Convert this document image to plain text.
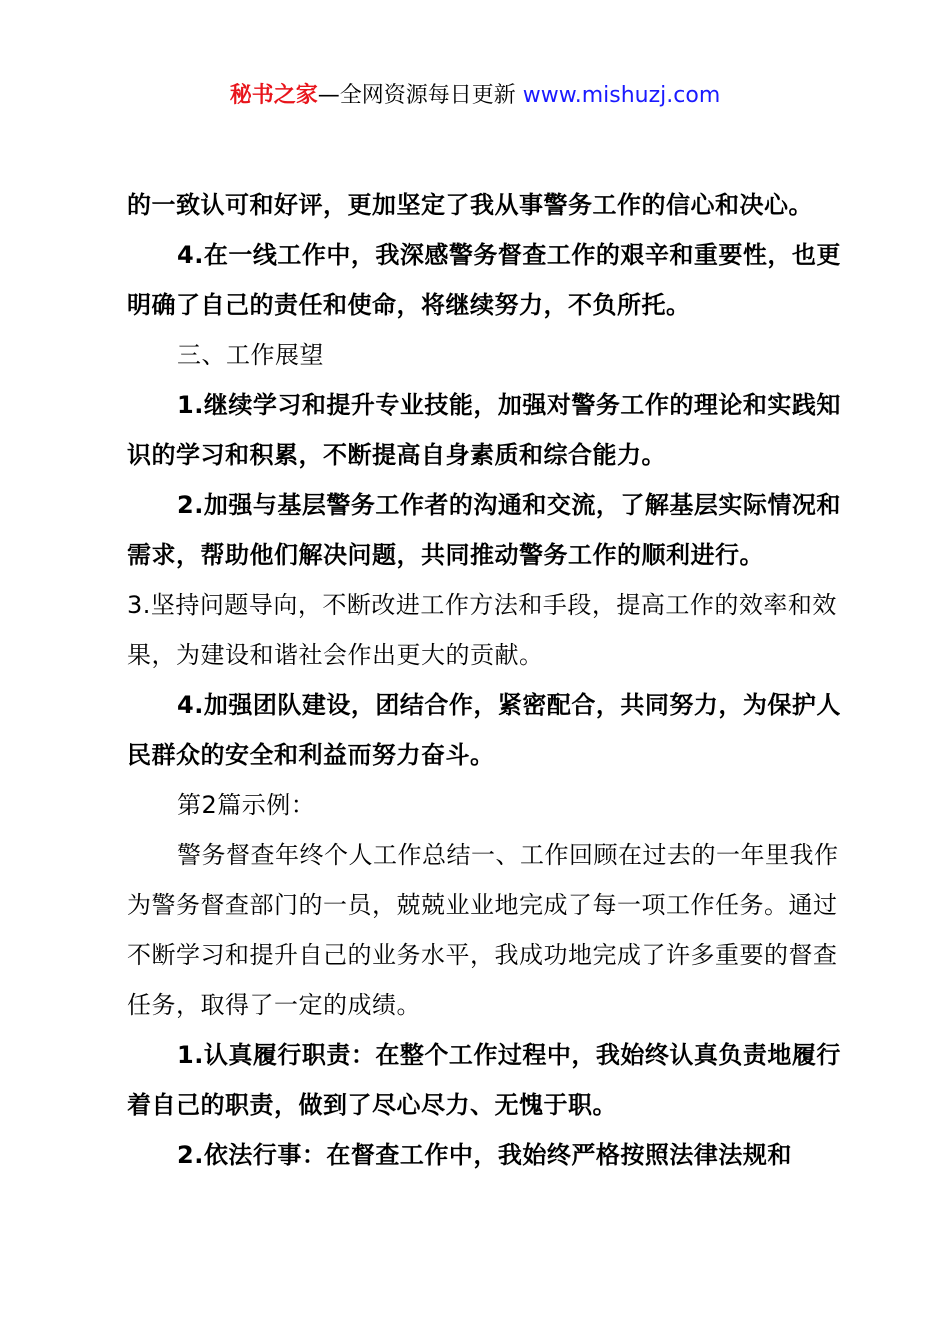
秘书之家—全网资源每日更新 www.mishuzj.com

的一致认可和好评，更加坚定了我从事警务工作的信心和决心。

4.在一线工作中，我深感警务督查工作的艰辛和重要性，也更明确了自己的责任和使命，将继续努力，不负所托。

三、工作展望

1.继续学习和提升专业技能，加强对警务工作的理论和实践知识的学习和积累，不断提高自身素质和综合能力。

2.加强与基层警务工作者的沟通和交流，了解基层实际情况和需求，帮助他们解决问题，共同推动警务工作的顺利进行。

3.坚持问题导向，不断改进工作方法和手段，提高工作的效率和效果，为建设和谐社会作出更大的贡献。

4.加强团队建设，团结合作，紧密配合，共同努力，为保护人民群众的安全和利益而努力奋斗。

第2篇示例：

警务督查年终个人工作总结一、工作回顾在过去的一年里我作为警务督查部门的一员，兢兢业业地完成了每一项工作任务。通过不断学习和提升自己的业务水平，我成功地完成了许多重要的督查任务，取得了一定的成绩。

1.认真履行职责：在整个工作过程中，我始终认真负责地履行着自己的职责，做到了尽心尽力、无愧于职。

2.依法行事：在督查工作中，我始终严格按照法律法规和
